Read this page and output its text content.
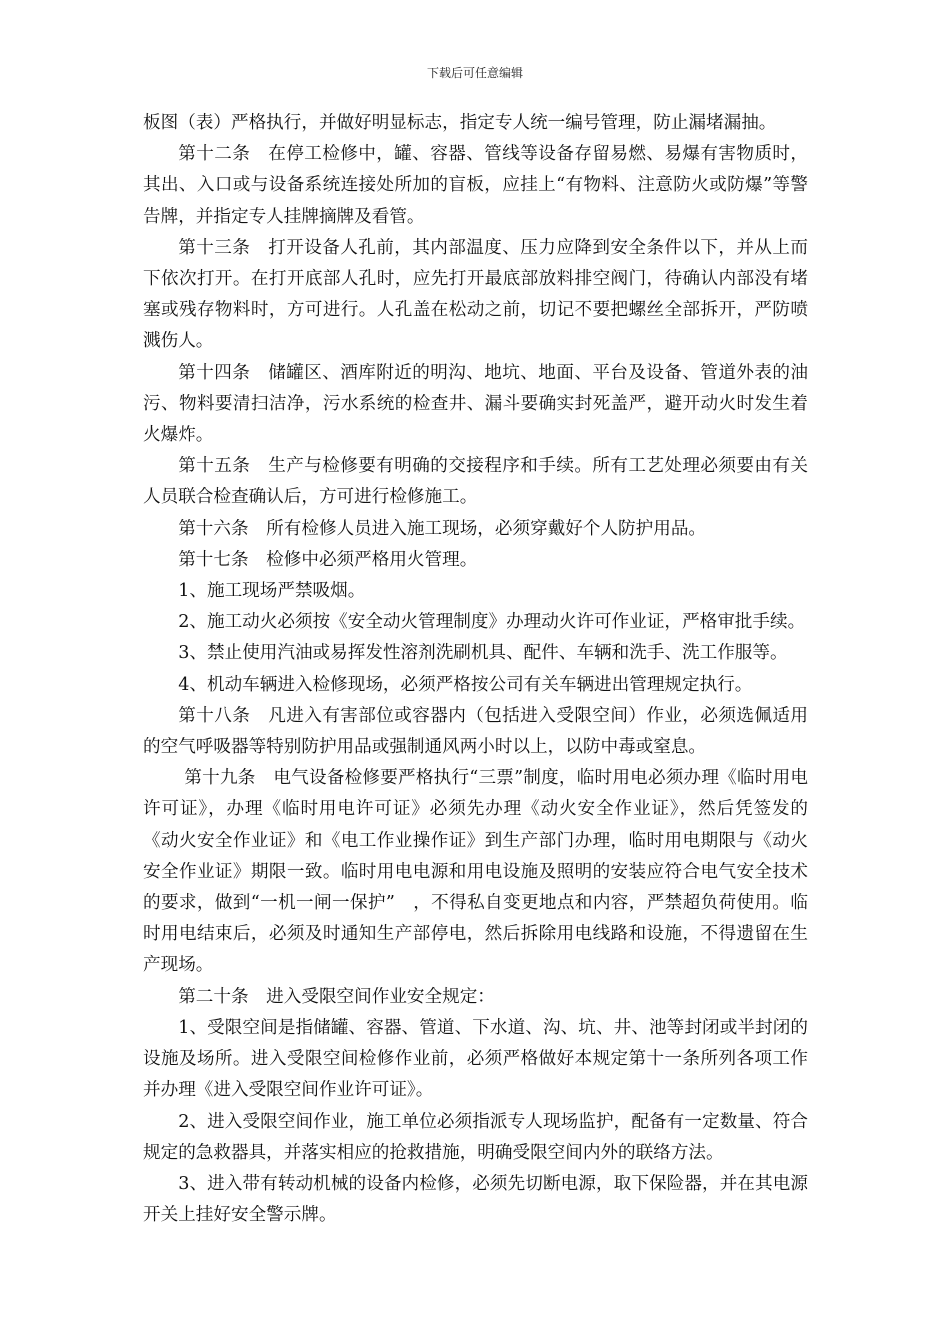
下载后可任意编辑

板图（表）严格执行，并做好明显标志，指定专人统一编号管理，防止漏堵漏抽。

第十二条　在停工检修中，罐、容器、管线等设备存留易燃、易爆有害物质时，其出、入口或与设备系统连接处所加的盲板，应挂上“有物料、注意防火或防爆”等警告牌，并指定专人挂牌摘牌及看管。

第十三条　打开设备人孔前，其内部温度、压力应降到安全条件以下，并从上而下依次打开。在打开底部人孔时，应先打开最底部放料排空阀门，待确认内部没有堵塞或残存物料时，方可进行。人孔盖在松动之前，切记不要把螺丝全部拆开，严防喷溅伤人。

第十四条　储罐区、酒库附近的明沟、地坑、地面、平台及设备、管道外表的油污、物料要清扫洁净，污水系统的检查井、漏斗要确实封死盖严，避开动火时发生着火爆炸。

第十五条　生产与检修要有明确的交接程序和手续。所有工艺处理必须要由有关人员联合检查确认后，方可进行检修施工。

第十六条　所有检修人员进入施工现场，必须穿戴好个人防护用品。

第十七条　检修中必须严格用火管理。

1、施工现场严禁吸烟。

2、施工动火必须按《安全动火管理制度》办理动火许可作业证，严格审批手续。

3、禁止使用汽油或易挥发性溶剂洗刷机具、配件、车辆和洗手、洗工作服等。

4、机动车辆进入检修现场，必须严格按公司有关车辆进出管理规定执行。

第十八条　凡进入有害部位或容器内（包括进入受限空间）作业，必须选佩适用的空气呼吸器等特别防护用品或强制通风两小时以上，以防中毒或窒息。

第十九条　电气设备检修要严格执行“三票”制度，临时用电必须办理《临时用电许可证》，办理《临时用电许可证》必须先办理《动火安全作业证》，然后凭签发的《动火安全作业证》和《电工作业操作证》到生产部门办理，临时用电期限与《动火安全作业证》期限一致。临时用电电源和用电设施及照明的安装应符合电气安全技术的要求，做到“一机一闸一保护”　，不得私自变更地点和内容，严禁超负荷使用。临时用电结束后，必须及时通知生产部停电，然后拆除用电线路和设施，不得遗留在生产现场。

第二十条　进入受限空间作业安全规定：

1、受限空间是指储罐、容器、管道、下水道、沟、坑、井、池等封闭或半封闭的设施及场所。进入受限空间检修作业前，必须严格做好本规定第十一条所列各项工作并办理《进入受限空间作业许可证》。

2、进入受限空间作业，施工单位必须指派专人现场监护，配备有一定数量、符合规定的急救器具，并落实相应的抢救措施，明确受限空间内外的联络方法。

3、进入带有转动机械的设备内检修，必须先切断电源，取下保险器，并在其电源开关上挂好安全警示牌。
